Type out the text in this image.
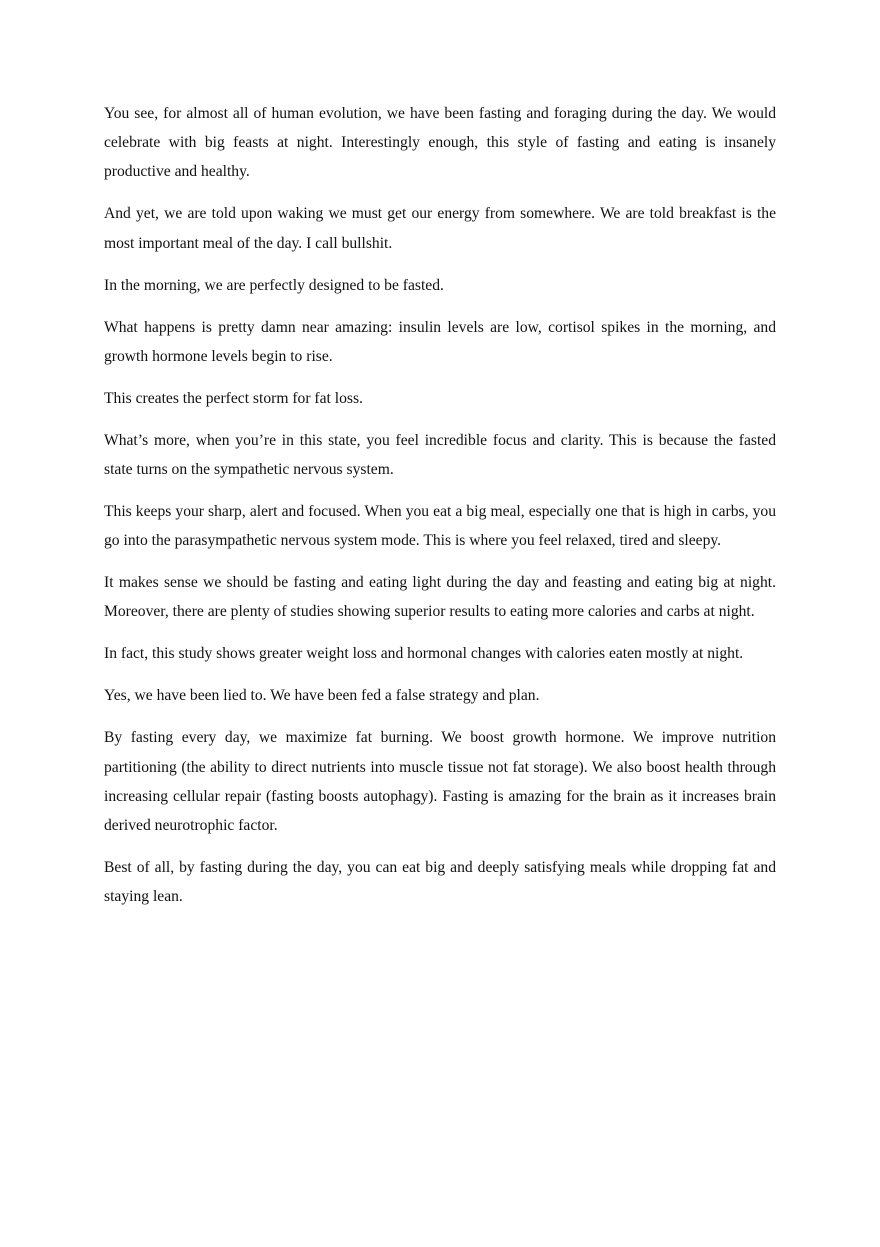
You see, for almost all of human evolution, we have been fasting and foraging during the day. We would celebrate with big feasts at night. Interestingly enough, this style of fasting and eating is insanely productive and healthy.

And yet, we are told upon waking we must get our energy from somewhere. We are told breakfast is the most important meal of the day. I call bullshit.

In the morning, we are perfectly designed to be fasted.

What happens is pretty damn near amazing: insulin levels are low, cortisol spikes in the morning, and growth hormone levels begin to rise.

This creates the perfect storm for fat loss.

What’s more, when you’re in this state, you feel incredible focus and clarity. This is because the fasted state turns on the sympathetic nervous system.

This keeps your sharp, alert and focused. When you eat a big meal, especially one that is high in carbs, you go into the parasympathetic nervous system mode. This is where you feel relaxed, tired and sleepy.

It makes sense we should be fasting and eating light during the day and feasting and eating big at night. Moreover, there are plenty of studies showing superior results to eating more calories and carbs at night.

In fact, this study shows greater weight loss and hormonal changes with calories eaten mostly at night.

Yes, we have been lied to. We have been fed a false strategy and plan.

By fasting every day, we maximize fat burning. We boost growth hormone. We improve nutrition partitioning (the ability to direct nutrients into muscle tissue not fat storage). We also boost health through increasing cellular repair (fasting boosts autophagy). Fasting is amazing for the brain as it increases brain derived neurotrophic factor.

Best of all, by fasting during the day, you can eat big and deeply satisfying meals while dropping fat and staying lean.
